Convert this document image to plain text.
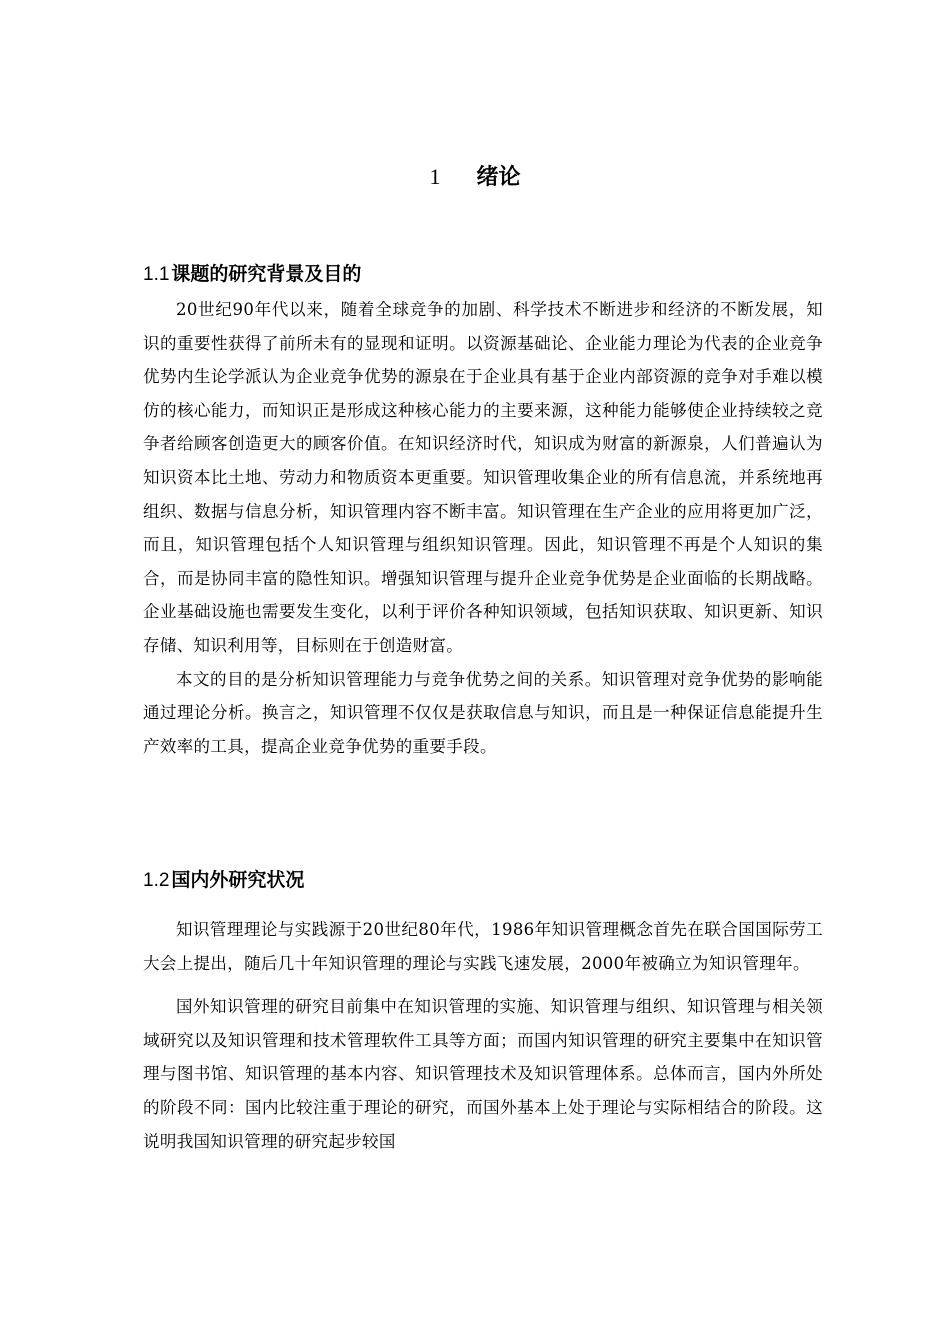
1 绪论
1.1 课题的研究背景及目的

20世纪90年代以来，随着全球竞争的加剧、科学技术不断进步和经济的不断发展，知识的重要性获得了前所未有的显现和证明。以资源基础论、企业能力理论为代表的企业竞争优势内生论学派认为企业竞争优势的源泉在于企业具有基于企业内部资源的竞争对手难以模仿的核心能力，而知识正是形成这种核心能力的主要来源，这种能力能够使企业持续较之竞争者给顾客创造更大的顾客价值。在知识经济时代，知识成为财富的新源泉，人们普遍认为知识资本比土地、劳动力和物质资本更重要。知识管理收集企业的所有信息流，并系统地再组织、数据与信息分析，知识管理内容不断丰富。知识管理在生产企业的应用将更加广泛，而且，知识管理包括个人知识管理与组织知识管理。因此，知识管理不再是个人知识的集合，而是协同丰富的隐性知识。增强知识管理与提升企业竞争优势是企业面临的长期战略。企业基础设施也需要发生变化，以利于评价各种知识领域，包括知识获取、知识更新、知识存储、知识利用等，目标则在于创造财富。

本文的目的是分析知识管理能力与竞争优势之间的关系。知识管理对竞争优势的影响能通过理论分析。换言之，知识管理不仅仅是获取信息与知识，而且是一种保证信息能提升生产效率的工具，提高企业竞争优势的重要手段。

1.2 国内外研究状况

知识管理理论与实践源于20世纪80年代，1986年知识管理概念首先在联合国国际劳工大会上提出，随后几十年知识管理的理论与实践飞速发展，2000年被确立为知识管理年。

国外知识管理的研究目前集中在知识管理的实施、知识管理与组织、知识管理与相关领域研究以及知识管理和技术管理软件工具等方面；而国内知识管理的研究主要集中在知识管理与图书馆、知识管理的基本内容、知识管理技术及知识管理体系。总体而言，国内外所处的阶段不同：国内比较注重于理论的研究，而国外基本上处于理论与实际相结合的阶段。这说明我国知识管理的研究起步较国
